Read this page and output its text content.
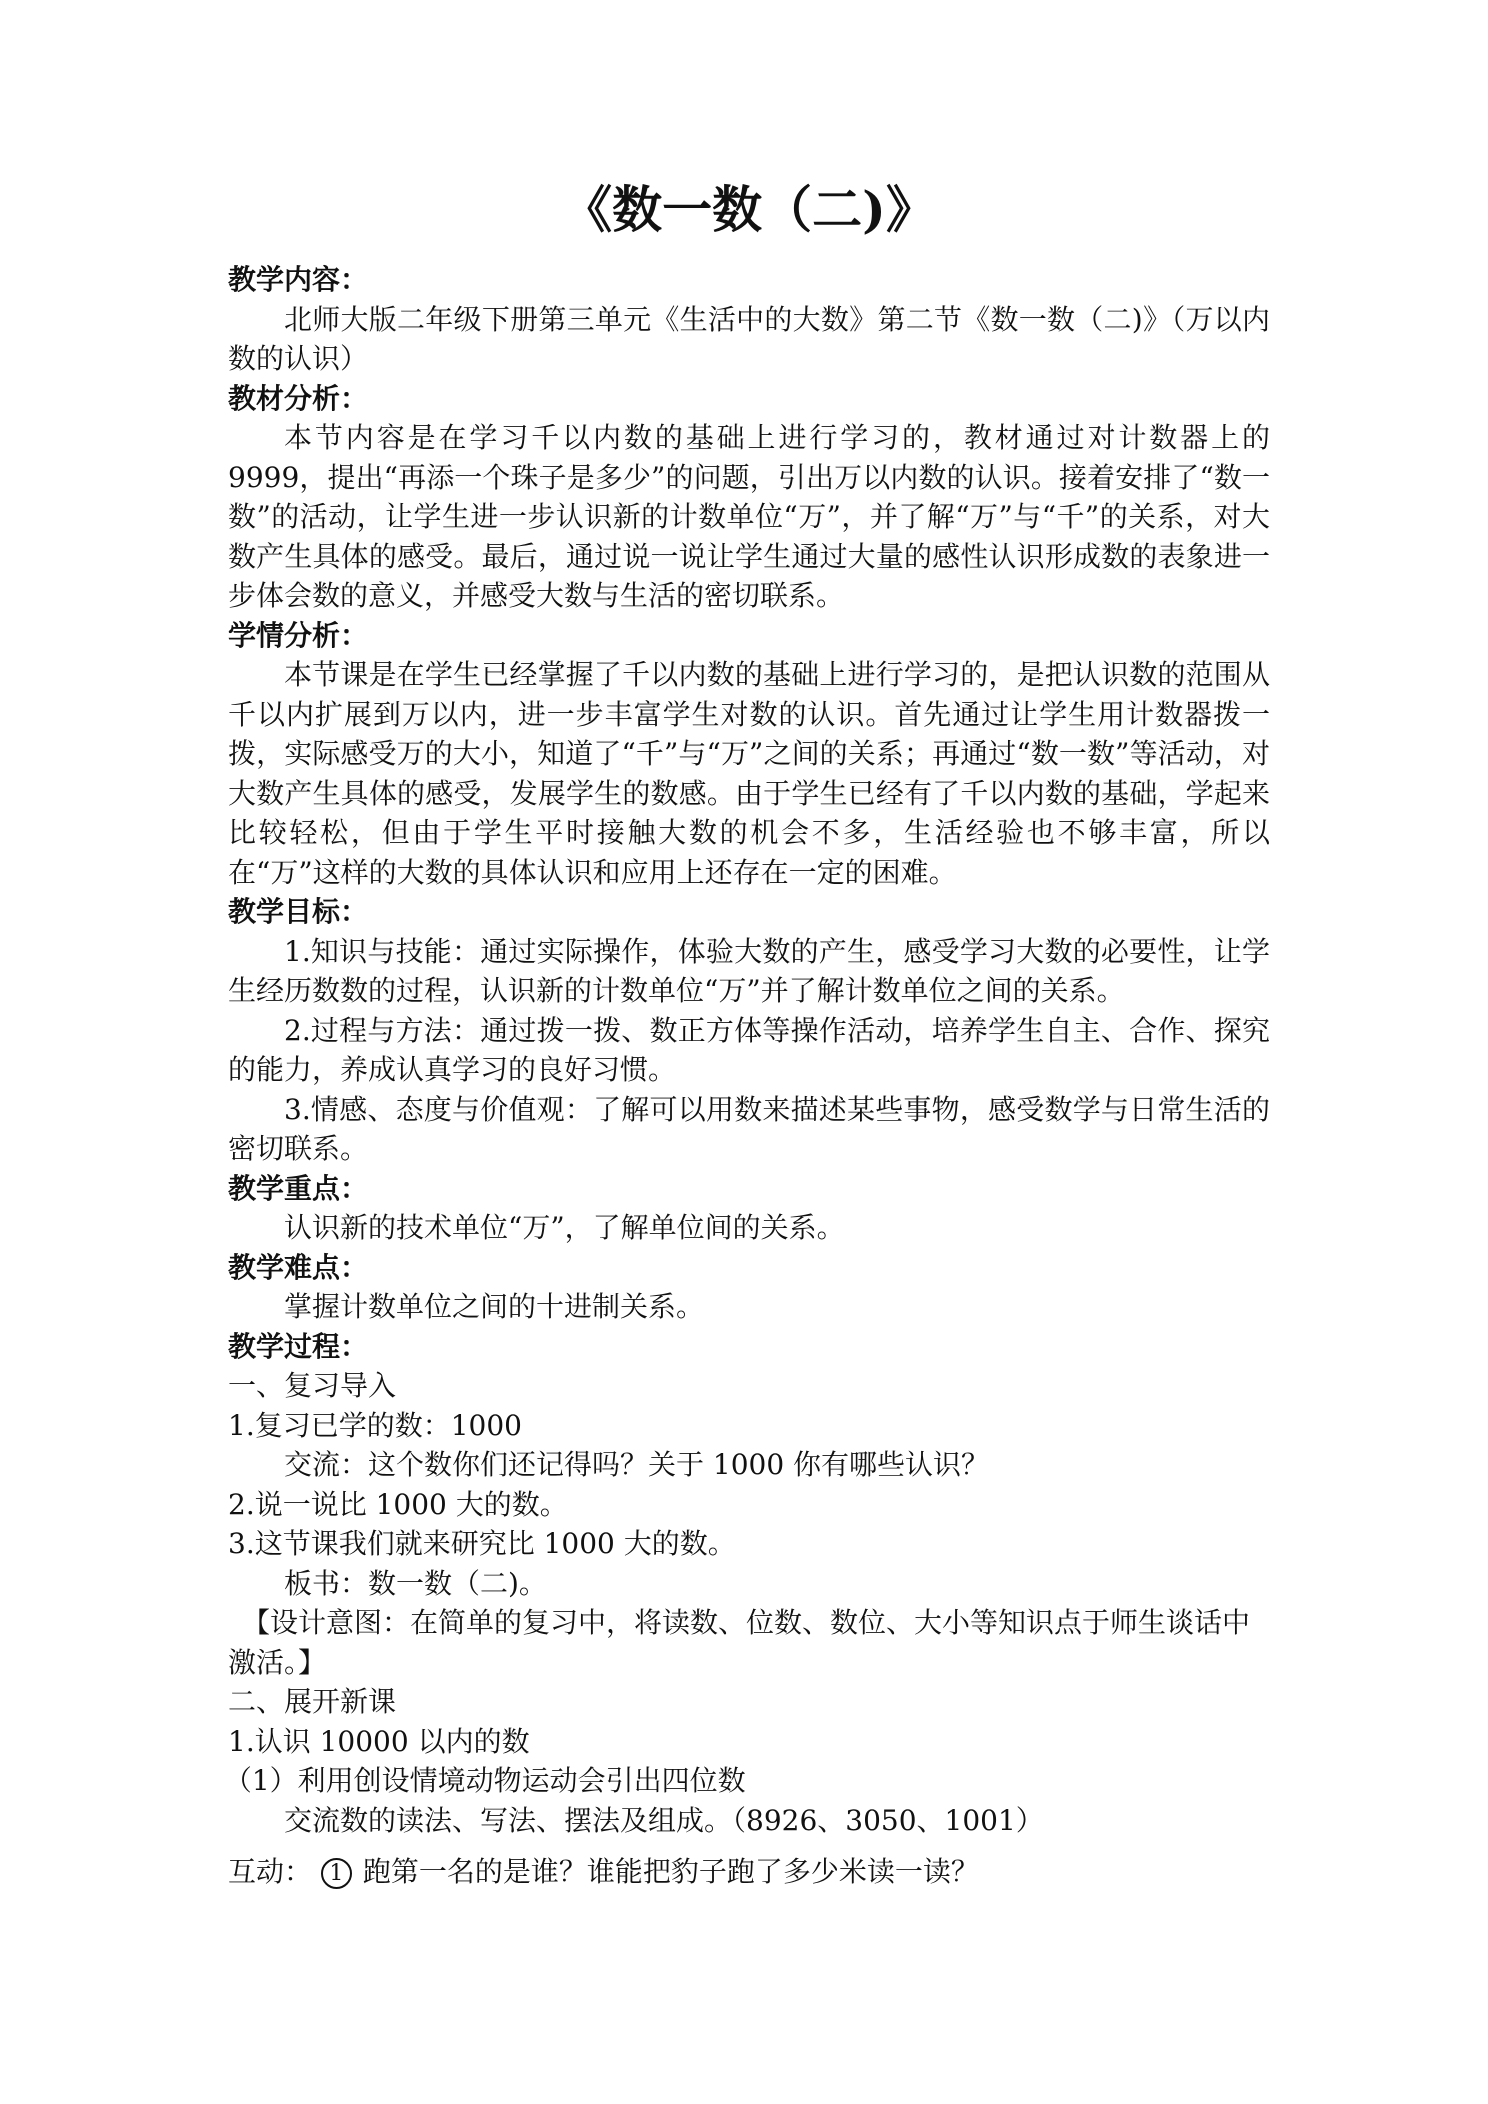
《数一数（二)》
教学内容：
北师大版二年级下册第三单元《生活中的大数》第二节《数一数（二)》（万以内数的认识）
教材分析：
本节内容是在学习千以内数的基础上进行学习的，教材通过对计数器上的9999，提出“再添一个珠子是多少”的问题，引出万以内数的认识。接着安排了“数一数”的活动，让学生进一步认识新的计数单位“万”，并了解“万”与“千”的关系，对大数产生具体的感受。最后，通过说一说让学生通过大量的感性认识形成数的表象进一步体会数的意义，并感受大数与生活的密切联系。
学情分析：
本节课是在学生已经掌握了千以内数的基础上进行学习的，是把认识数的范围从千以内扩展到万以内，进一步丰富学生对数的认识。首先通过让学生用计数器拨一拨，实际感受万的大小，知道了“千”与“万”之间的关系；再通过“数一数”等活动，对大数产生具体的感受，发展学生的数感。由于学生已经有了千以内数的基础，学起来比较轻松，但由于学生平时接触大数的机会不多，生活经验也不够丰富，所以在“万”这样的大数的具体认识和应用上还存在一定的困难。
教学目标：
1.知识与技能：通过实际操作，体验大数的产生，感受学习大数的必要性，让学生经历数数的过程，认识新的计数单位“万”并了解计数单位之间的关系。
2.过程与方法：通过拨一拨、数正方体等操作活动，培养学生自主、合作、探究的能力，养成认真学习的良好习惯。
3.情感、态度与价值观：了解可以用数来描述某些事物，感受数学与日常生活的密切联系。
教学重点：
认识新的技术单位“万”，了解单位间的关系。
教学难点：
掌握计数单位之间的十进制关系。
教学过程：
一、复习导入
1.复习已学的数：1000
交流：这个数你们还记得吗？关于 1000 你有哪些认识？
2.说一说比 1000 大的数。
3.这节课我们就来研究比 1000 大的数。
板书：数一数（二)。
【设计意图：在简单的复习中，将读数、位数、数位、大小等知识点于师生谈话中激活。】
二、展开新课
1.认识 10000 以内的数
（1）利用创设情境动物运动会引出四位数
交流数的读法、写法、摆法及组成。（8926、3050、1001）
互动： 1 跑第一名的是谁？谁能把豹子跑了多少米读一读？
